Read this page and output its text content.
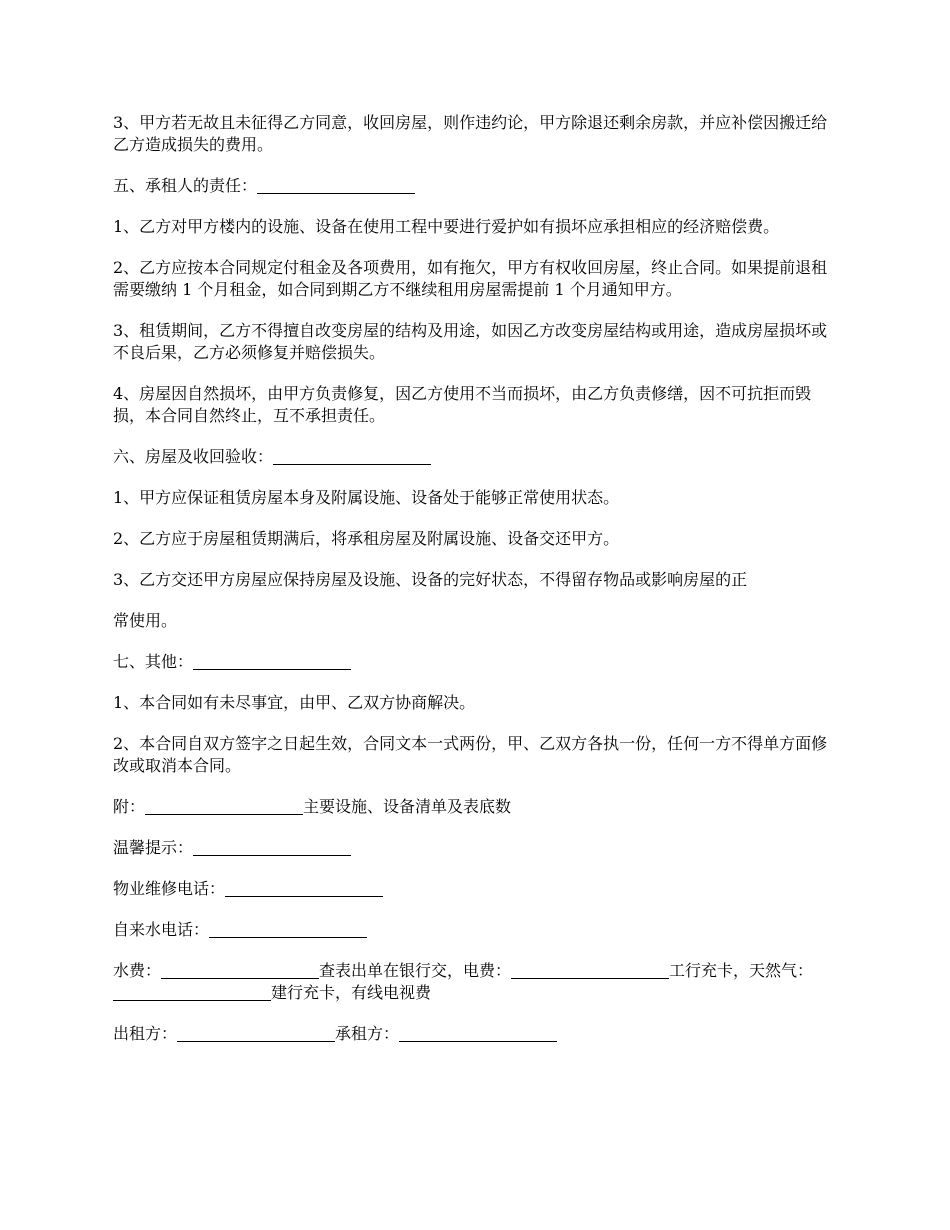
3、甲方若无故且未征得乙方同意，收回房屋，则作违约论，甲方除退还剩余房款，并应补偿因搬迁给乙方造成损失的费用。

五、承租人的责任：

1、乙方对甲方楼内的设施、设备在使用工程中要进行爱护如有损坏应承担相应的经济赔偿费。

2、乙方应按本合同规定付租金及各项费用，如有拖欠，甲方有权收回房屋，终止合同。如果提前退租需要缴纳 1 个月租金，如合同到期乙方不继续租用房屋需提前 1 个月通知甲方。

3、租赁期间，乙方不得擅自改变房屋的结构及用途，如因乙方改变房屋结构或用途，造成房屋损坏或不良后果，乙方必须修复并赔偿损失。

4、房屋因自然损坏，由甲方负责修复，因乙方使用不当而损坏，由乙方负责修缮，因不可抗拒而毁损，本合同自然终止，互不承担责任。

六、房屋及收回验收：

1、甲方应保证租赁房屋本身及附属设施、设备处于能够正常使用状态。

2、乙方应于房屋租赁期满后，将承租房屋及附属设施、设备交还甲方。

3、乙方交还甲方房屋应保持房屋及设施、设备的完好状态，不得留存物品或影响房屋的正

常使用。

七、其他：

1、本合同如有未尽事宜，由甲、乙双方协商解决。

2、本合同自双方签字之日起生效，合同文本一式两份，甲、乙双方各执一份，任何一方不得单方面修改或取消本合同。

附：	主要设施、设备清单及表底数

温馨提示：

物业维修电话：

自来水电话：

水费：	查表出单在银行交，电费：	工行充卡，天然气：建行充卡，有线电视费

出租方：	承租方：
